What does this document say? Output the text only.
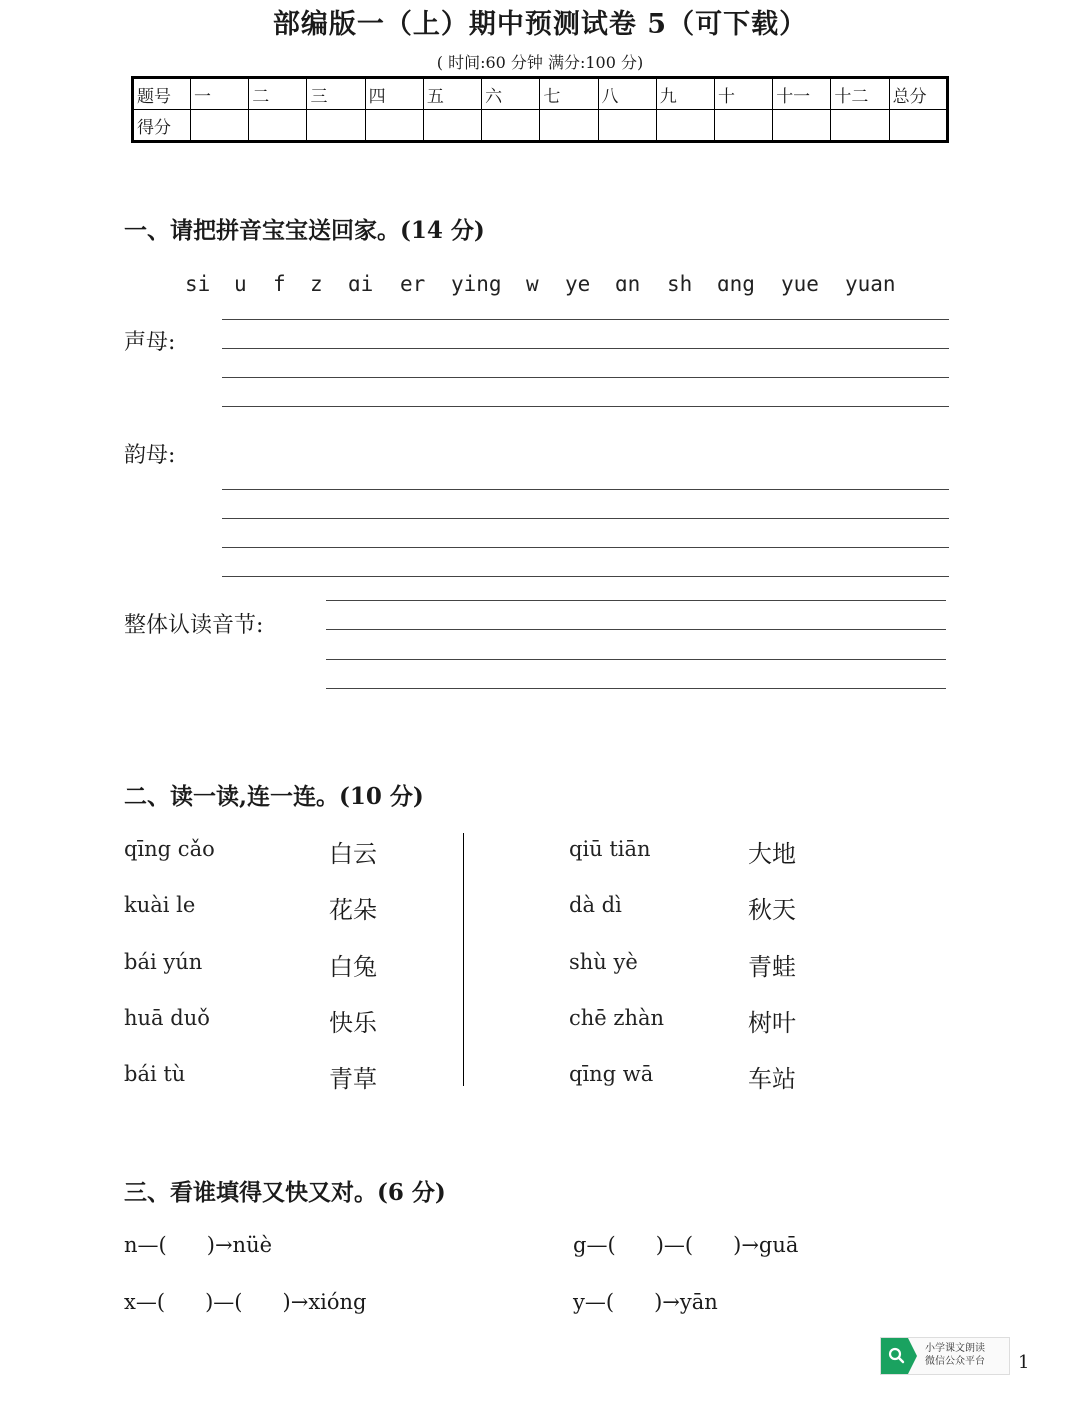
部编版一（上）期中预测试卷 5（可下载）
( 时间:60 分钟 满分:100 分)
题号	一	二	三	四	五	六	七	八	九	十	十一	十二	总分
得分													
一、请把拼音宝宝送回家。(14 分)
si u f z ɑi er ying w ye ɑn sh ɑng yue yuan
声母:
韵母:
整体认读音节:
二、读一读,连一连。(10 分)
qīng cǎo
kuài le
bái yún
huā duǒ
bái tù
白云
花朵
白兔
快乐
青草
qiū tiān
dà dì
shù yè
chē zhàn
qīng wā
大地
秋天
青蛙
树叶
车站
三、看谁填得又快又对。(6 分)
n—(      )→nüè	g—(      )—(      )→guā
x—(      )—(      )→xióng	y—(      )→yān
小学课文朗读
微信公众平台 1
